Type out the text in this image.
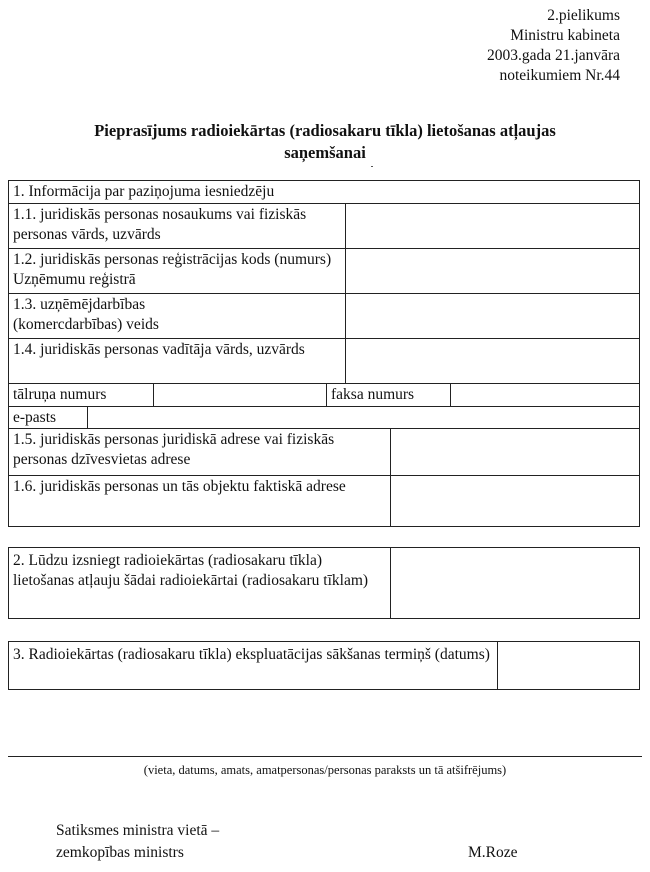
2.pielikums
Ministru kabineta
2003.gada 21.janvāra
noteikumiem Nr.44
Pieprasījums radioiekārtas (radiosakaru tīkla) lietošanas atļaujas
saņemšanai
1. Informācija par paziņojuma iesniedzēju
1.1. juridiskās personas nosaukums vai fiziskās personas vārds, uzvārds
1.2. juridiskās personas reģistrācijas kods (numurs) Uzņēmumu reģistrā
1.3. uzņēmējdarbības (komercdarbības) veids
1.4. juridiskās personas vadītāja vārds, uzvārds
tālruņa numurs	faksa numurs
e-pasts
1.5. juridiskās personas juridiskā adrese vai fiziskās personas dzīvesvietas adrese
1.6. juridiskās personas un tās objektu faktiskā adrese
2. Lūdzu izsniegt radioiekārtas (radiosakaru tīkla) lietošanas atļauju šādai radioiekārtai (radiosakaru tīklam)
3. Radioiekārtas (radiosakaru tīkla) ekspluatācijas sākšanas termiņš (datums)
(vieta, datums, amats, amatpersonas/personas paraksts un tā atšifrējums)
Satiksmes ministra vietā –
zemkopības ministrs	M.Roze
